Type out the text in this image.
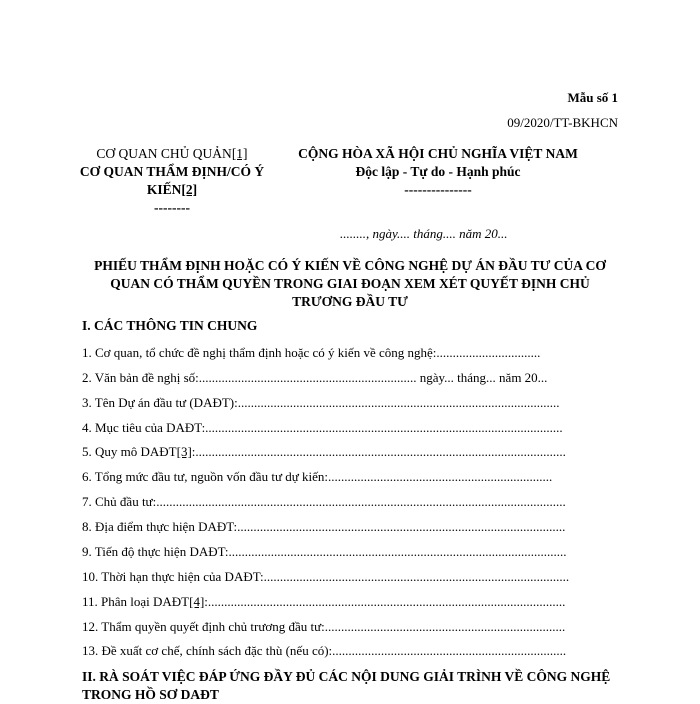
Mẫu số 1
09/2020/TT-BKHCN
CƠ QUAN CHỦ QUẢN[1]
CƠ QUAN THẨM ĐỊNH/CÓ Ý KIẾN[2]
--------
CỘNG HÒA XÃ HỘI CHỦ NGHĨA VIỆT NAM
Độc lập - Tự do - Hạnh phúc
---------------
........, ngày.... tháng.... năm 20...
PHIẾU THẨM ĐỊNH HOẶC CÓ Ý KIẾN VỀ CÔNG NGHỆ DỰ ÁN ĐẦU TƯ CỦA CƠ QUAN CÓ THẨM QUYỀN TRONG GIAI ĐOẠN XEM XÉT QUYẾT ĐỊNH CHỦ TRƯƠNG ĐẦU TƯ
I. CÁC THÔNG TIN CHUNG
1. Cơ quan, tổ chức đề nghị thẩm định hoặc có ý kiến về công nghệ:................................
2. Văn bản đề nghị số:................................................................... ngày... tháng... năm 20...
3. Tên Dự án đầu tư (DAĐT):...................................................................................................
4. Mục tiêu của DAĐT:..............................................................................................................
5. Quy mô DAĐT[3]:..................................................................................................................
6. Tổng mức đầu tư, nguồn vốn đầu tư dự kiến:.....................................................................
7. Chủ đầu tư:..............................................................................................................................
8. Địa điểm thực hiện DAĐT:.....................................................................................................
9. Tiến độ thực hiện DAĐT:........................................................................................................
10. Thời hạn thực hiện của DAĐT:..............................................................................................
11. Phân loại DAĐT[4]:..............................................................................................................
12. Thẩm quyền quyết định chủ trương đầu tư:..........................................................................
13. Đề xuất cơ chế, chính sách đặc thù (nếu có):........................................................................
II. RÀ SOÁT VIỆC ĐÁP ỨNG ĐẦY ĐỦ CÁC NỘI DUNG GIẢI TRÌNH VỀ CÔNG NGHỆ TRONG HỒ SƠ DAĐT
